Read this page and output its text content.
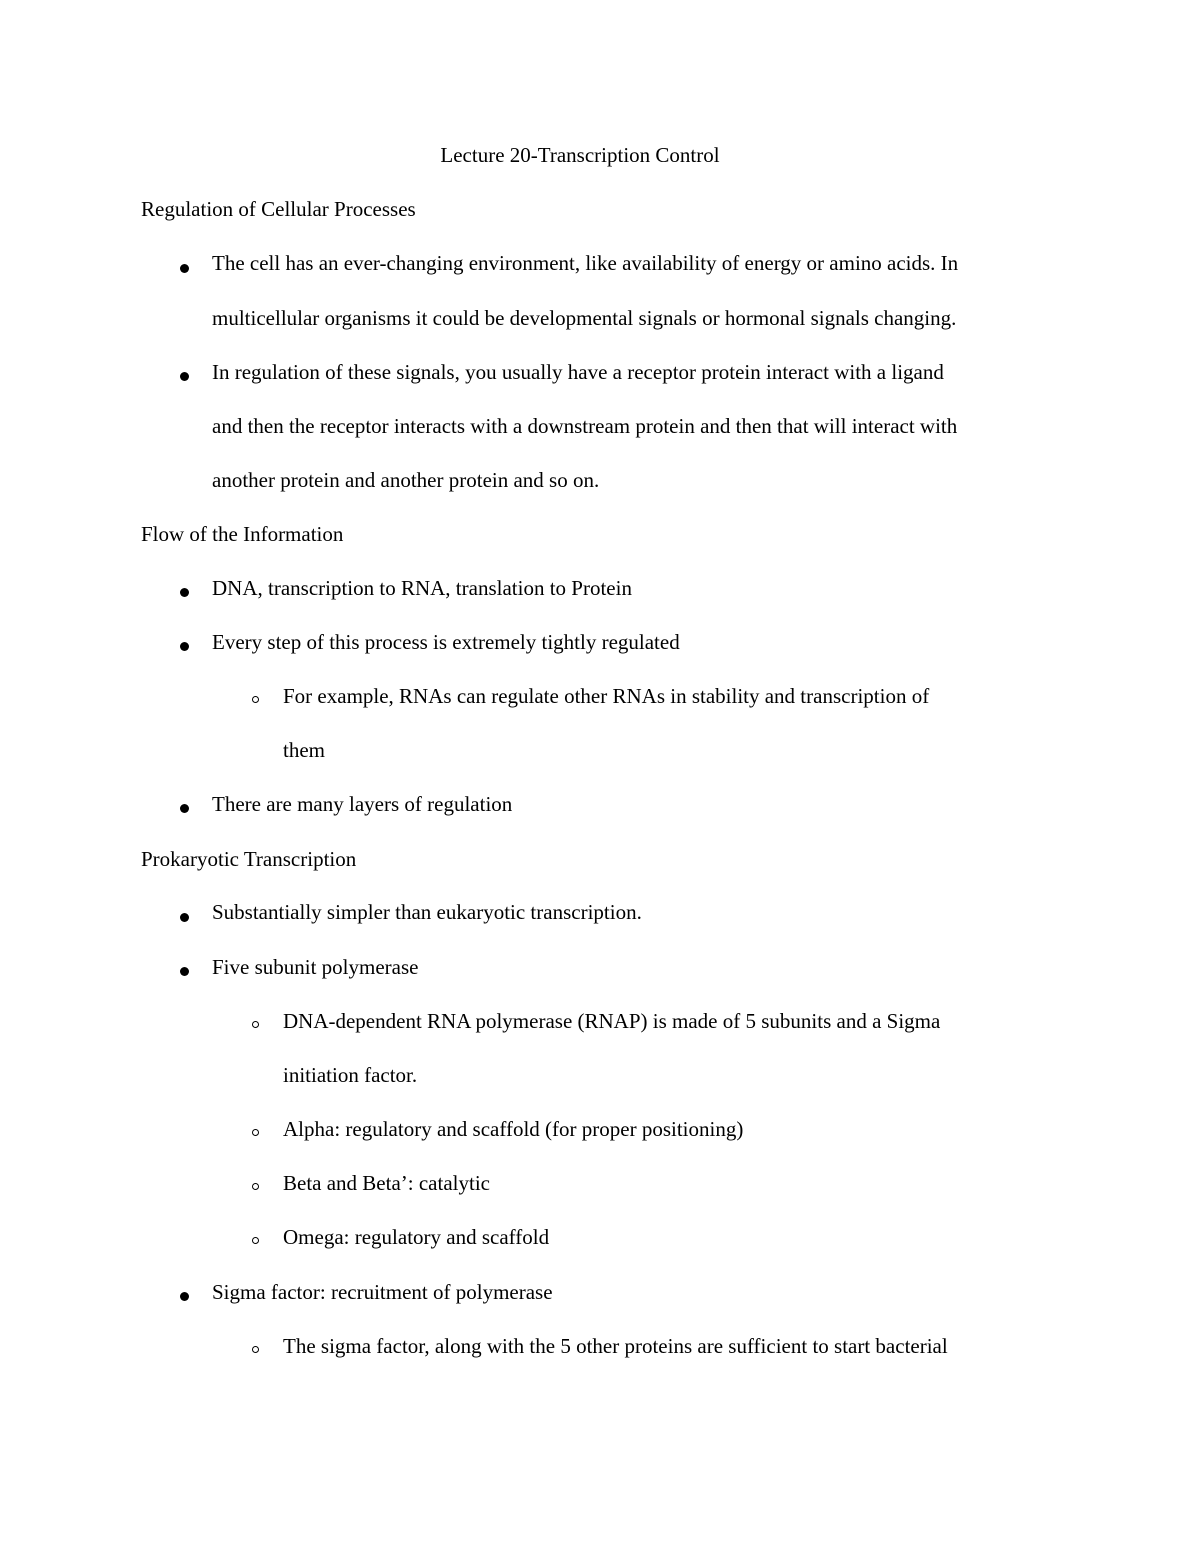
Lecture 20-Transcription Control
Regulation of Cellular Processes
The cell has an ever-changing environment, like availability of energy or amino acids. In
multicellular organisms it could be developmental signals or hormonal signals changing.
In regulation of these signals, you usually have a receptor protein interact with a ligand
and then the receptor interacts with a downstream protein and then that will interact with
another protein and another protein and so on.
Flow of the Information
DNA, transcription to RNA, translation to Protein
Every step of this process is extremely tightly regulated
For example, RNAs can regulate other RNAs in stability and transcription of
them
There are many layers of regulation
Prokaryotic Transcription
Substantially simpler than eukaryotic transcription.
Five subunit polymerase
DNA-dependent RNA polymerase (RNAP) is made of 5 subunits and a Sigma
initiation factor.
Alpha: regulatory and scaffold (for proper positioning)
Beta and Beta’: catalytic
Omega: regulatory and scaffold
Sigma factor: recruitment of polymerase
The sigma factor, along with the 5 other proteins are sufficient to start bacterial
